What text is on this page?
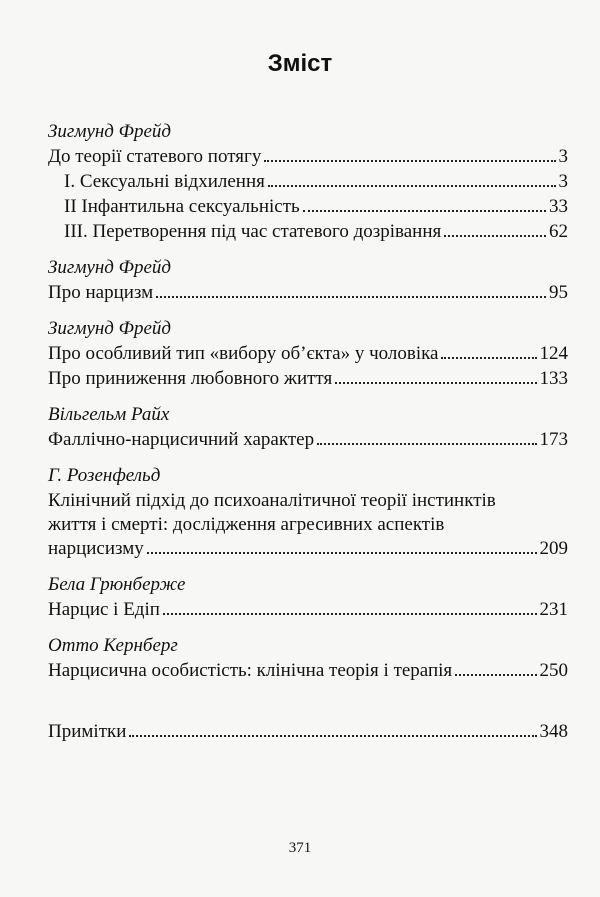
Зміст
Зигмунд Фрейд
До теорії статевого потягу	3
I. Сексуальні відхилення	3
II Інфантильна сексуальність	33
III. Перетворення під час статевого дозрівання	62
Зигмунд Фрейд
Про нарцизм	95
Зигмунд Фрейд
Про особливий тип «вибору об’єкта» у чоловіка	124
Про приниження любовного життя	133
Вільгельм Райх
Фаллічно-нарцисичний характер	173
Г. Розенфельд
Клінічний підхід до психоаналітичної теорії інстинктів
життя і смерті: дослідження агресивних аспектів
нарцисизму	209
Бела Грюнберже
Нарцис і Едіп	231
Отто Кернберг
Нарцисична особистість: клінічна теорія і терапія	250
Примітки	348
371
